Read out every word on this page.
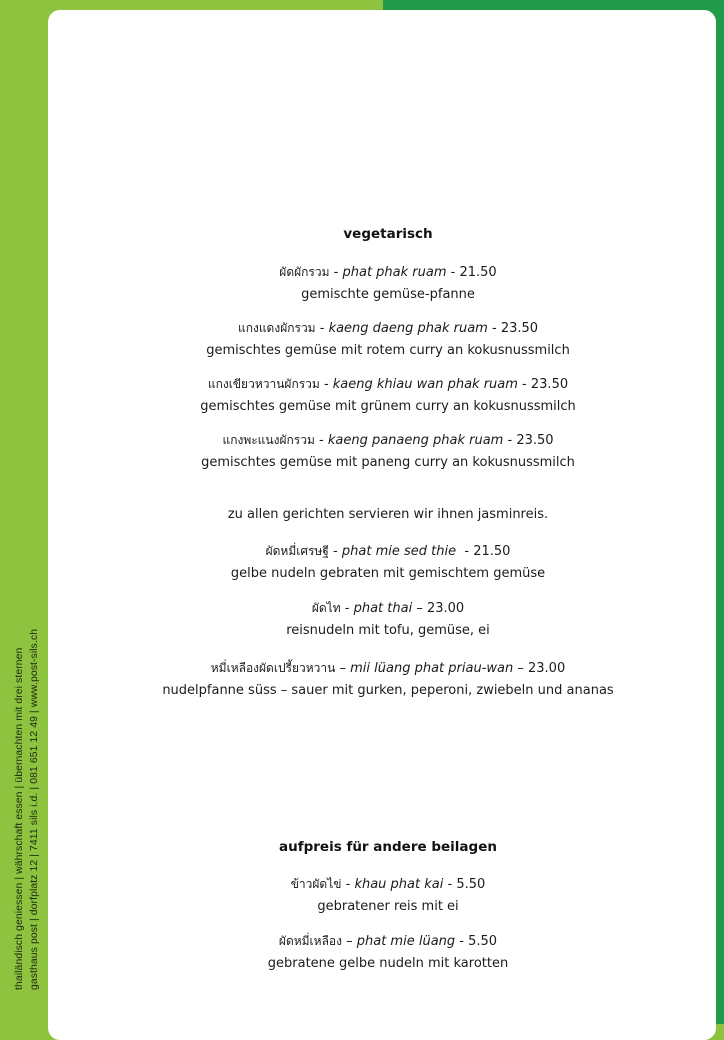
thailändisch geniessen | währschaft essen | übernachten mit drei sternen gasthaus post | dorfplatz 12 | 7411 sils i.d. | 081 651 12 49 | www.post-sils.ch
vegetarisch
ผัดผักรวม - phat phak ruam - 21.50
gemischte gemüse-pfanne
แกงแดงผักรวม - kaeng daeng phak ruam - 23.50
gemischtes gemüse mit rotem curry an kokusnussmilch
แกงเขียวหวานผักรวม - kaeng khiau wan phak ruam - 23.50
gemischtes gemüse mit grünem curry an kokusnussmilch
แกงพะแนงผักรวม - kaeng panaeng phak ruam - 23.50
gemischtes gemüse mit paneng curry an kokusnussmilch
zu allen gerichten servieren wir ihnen jasminreis.
ผัดหมี่เศรษฐี - phat mie sed thie  - 21.50
gelbe nudeln gebraten mit gemischtem gemüse
ผัดไท - phat thai – 23.00
reisnudeln mit tofu, gemüse, ei
หมี่เหลืองผัดเปรี้ยวหวาน – mii lüang phat priau-wan – 23.00
nudelpfanne süss – sauer mit gurken, peperoni, zwiebeln und ananas
aufpreis für andere beilagen
ข้าวผัดไข่ - khau phat kai - 5.50
gebratener reis mit ei
ผัดหมี่เหลือง – phat mie lüang - 5.50
gebratene gelbe nudeln mit karotten
